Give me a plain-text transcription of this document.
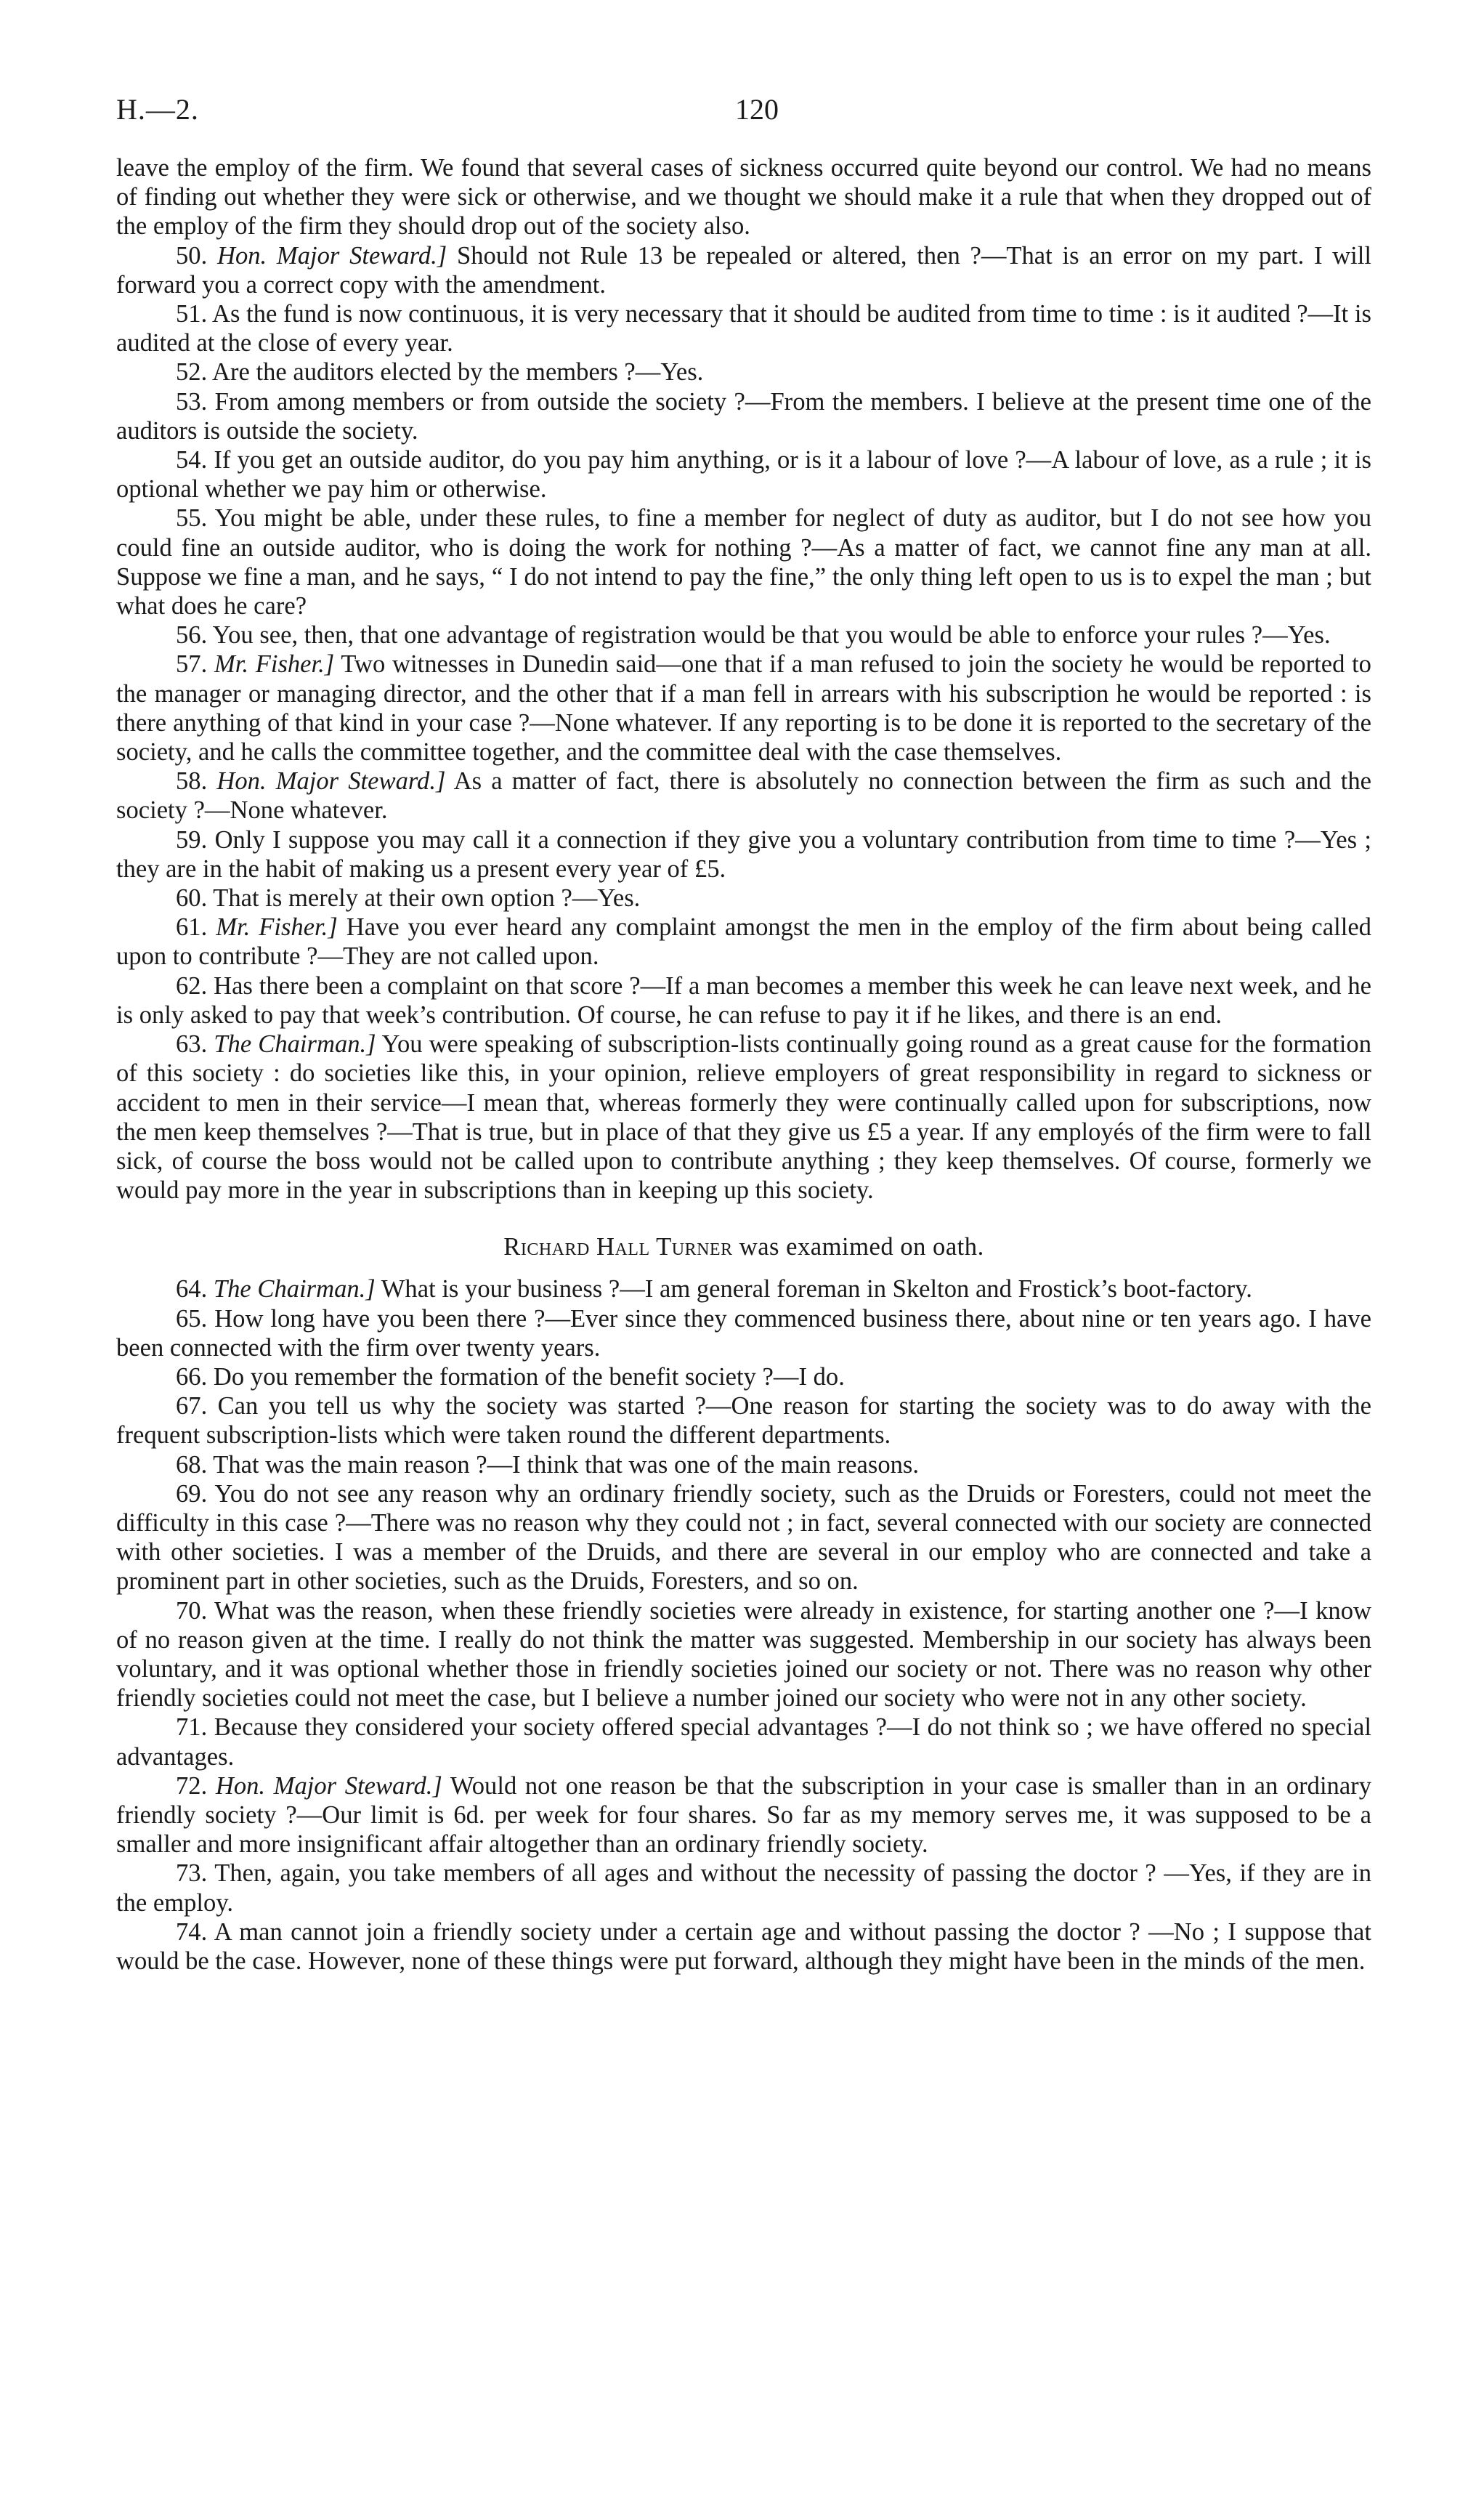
H.—2.	120

leave the employ of the firm. We found that several cases of sickness occurred quite beyond our control. We had no means of finding out whether they were sick or otherwise, and we thought we should make it a rule that when they dropped out of the employ of the firm they should drop out of the society also.

50. Hon. Major Steward.] Should not Rule 13 be repealed or altered, then ?—That is an error on my part. I will forward you a correct copy with the amendment.

51. As the fund is now continuous, it is very necessary that it should be audited from time to time : is it audited ?—It is audited at the close of every year.

52. Are the auditors elected by the members ?—Yes.

53. From among members or from outside the society ?—From the members. I believe at the present time one of the auditors is outside the society.

54. If you get an outside auditor, do you pay him anything, or is it a labour of love ?—A labour of love, as a rule ; it is optional whether we pay him or otherwise.

55. You might be able, under these rules, to fine a member for neglect of duty as auditor, but I do not see how you could fine an outside auditor, who is doing the work for nothing ?—As a matter of fact, we cannot fine any man at all. Suppose we fine a man, and he says, “ I do not intend to pay the fine,” the only thing left open to us is to expel the man ; but what does he care?

56. You see, then, that one advantage of registration would be that you would be able to enforce your rules ?—Yes.

57. Mr. Fisher.] Two witnesses in Dunedin said—one that if a man refused to join the society he would be reported to the manager or managing director, and the other that if a man fell in arrears with his subscription he would be reported : is there anything of that kind in your case ?—None whatever. If any reporting is to be done it is reported to the secretary of the society, and he calls the committee together, and the committee deal with the case themselves.

58. Hon. Major Steward.] As a matter of fact, there is absolutely no connection between the firm as such and the society ?—None whatever.

59. Only I suppose you may call it a connection if they give you a voluntary contribution from time to time ?—Yes ; they are in the habit of making us a present every year of £5.

60. That is merely at their own option ?—Yes.

61. Mr. Fisher.] Have you ever heard any complaint amongst the men in the employ of the firm about being called upon to contribute ?—They are not called upon.

62. Has there been a complaint on that score ?—If a man becomes a member this week he can leave next week, and he is only asked to pay that week’s contribution. Of course, he can refuse to pay it if he likes, and there is an end.

63. The Chairman.] You were speaking of subscription-lists continually going round as a great cause for the formation of this society : do societies like this, in your opinion, relieve employers of great responsibility in regard to sickness or accident to men in their service—I mean that, whereas formerly they were continually called upon for subscriptions, now the men keep themselves ?—That is true, but in place of that they give us £5 a year. If any employés of the firm were to fall sick, of course the boss would not be called upon to contribute anything ; they keep themselves. Of course, formerly we would pay more in the year in subscriptions than in keeping up this society.

Richard Hall Turner was examimed on oath.

64. The Chairman.] What is your business ?—I am general foreman in Skelton and Frostick’s boot-factory.

65. How long have you been there ?—Ever since they commenced business there, about nine or ten years ago. I have been connected with the firm over twenty years.

66. Do you remember the formation of the benefit society ?—I do.

67. Can you tell us why the society was started ?—One reason for starting the society was to do away with the frequent subscription-lists which were taken round the different departments.

68. That was the main reason ?—I think that was one of the main reasons.

69. You do not see any reason why an ordinary friendly society, such as the Druids or Foresters, could not meet the difficulty in this case ?—There was no reason why they could not ; in fact, several connected with our society are connected with other societies. I was a member of the Druids, and there are several in our employ who are connected and take a prominent part in other societies, such as the Druids, Foresters, and so on.

70. What was the reason, when these friendly societies were already in existence, for starting another one ?—I know of no reason given at the time. I really do not think the matter was suggested. Membership in our society has always been voluntary, and it was optional whether those in friendly societies joined our society or not. There was no reason why other friendly societies could not meet the case, but I believe a number joined our society who were not in any other society.

71. Because they considered your society offered special advantages ?—I do not think so ; we have offered no special advantages.

72. Hon. Major Steward.] Would not one reason be that the subscription in your case is smaller than in an ordinary friendly society ?—Our limit is 6d. per week for four shares. So far as my memory serves me, it was supposed to be a smaller and more insignificant affair altogether than an ordinary friendly society.

73. Then, again, you take members of all ages and without the necessity of passing the doctor ? —Yes, if they are in the employ.

74. A man cannot join a friendly society under a certain age and without passing the doctor ? —No ; I suppose that would be the case. However, none of these things were put forward, although they might have been in the minds of the men.
